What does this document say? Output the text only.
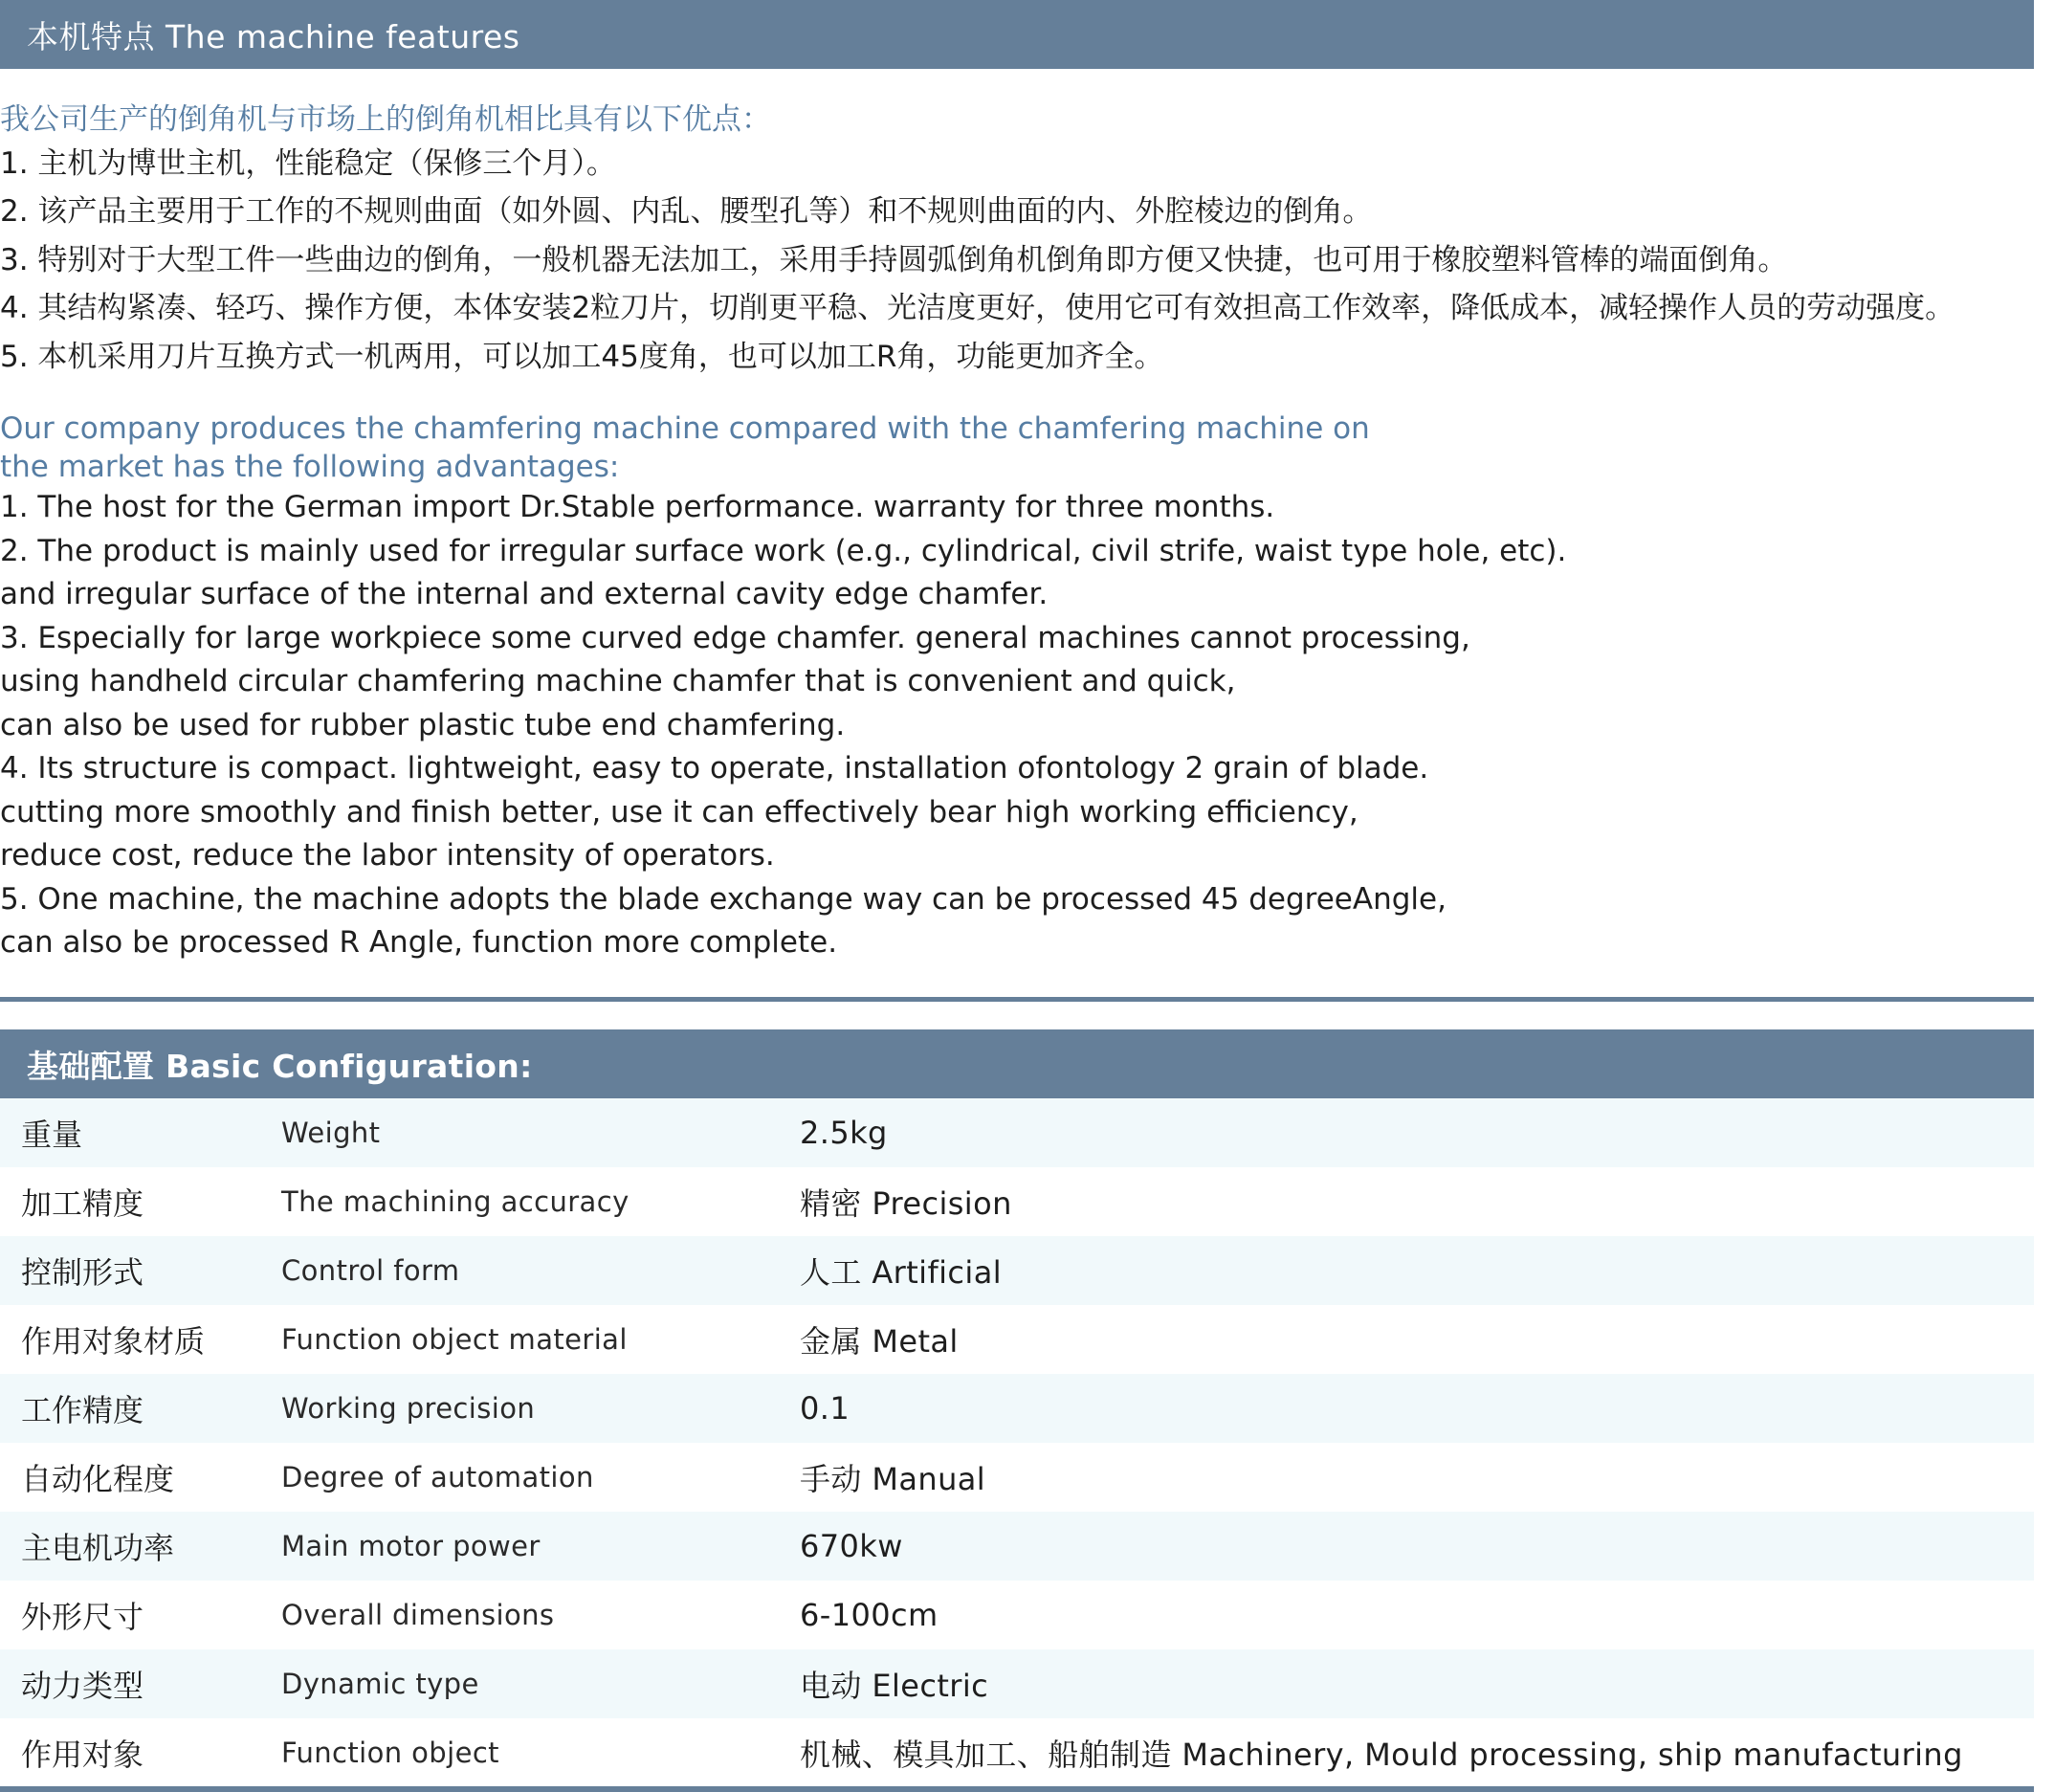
本机特点 The machine features

我公司生产的倒角机与市场上的倒角机相比具有以下优点：

1. 主机为博世主机，性能稳定（保修三个月）。

2. 该产品主要用于工作的不规则曲面（如外圆、内乱、腰型孔等）和不规则曲面的内、外腔棱边的倒角。

3. 特别对于大型工件一些曲边的倒角，一般机器无法加工，采用手持圆弧倒角机倒角即方便又快捷，也可用于橡胶塑料管棒的端面倒角。

4. 其结构紧凑、轻巧、操作方便，本体安装2粒刀片，切削更平稳、光洁度更好，使用它可有效担高工作效率，降低成本，减轻操作人员的劳动强度。

5. 本机采用刀片互换方式一机两用，可以加工45度角，也可以加工R角，功能更加齐全。

Our company produces the chamfering machine compared with the chamfering machine on
the market has the following advantages:

1. The host for the German import Dr.Stable performance. warranty for three months.

2. The product is mainly used for irregular surface work (e.g., cylindrical, civil strife, waist type hole, etc).
and irregular surface of the internal and external cavity edge chamfer.

3. Especially for large workpiece some curved edge chamfer. general machines cannot processing,
using handheld circular chamfering machine chamfer that is convenient and quick,
can also be used for rubber plastic tube end chamfering.

4. Its structure is compact. lightweight, easy to operate, installation ofontology 2 grain of blade.
cutting more smoothly and finish better, use it can effectively bear high working efficiency,
reduce cost, reduce the labor intensity of operators.

5. One machine, the machine adopts the blade exchange way can be processed 45 degreeAngle,
can also be processed R Angle, function more complete.

基础配置 Basic Configuration:
重量	Weight	2.5kg
加工精度	The machining accuracy	精密 Precision
控制形式	Control form	人工 Artificial
作用对象材质	Function object material	金属 Metal
工作精度	Working precision	0.1
自动化程度	Degree of automation	手动 Manual
主电机功率	Main motor power	670kw
外形尺寸	Overall dimensions	6-100cm
动力类型	Dynamic type	电动 Electric
作用对象	Function object	机械、模具加工、船舶制造 Machinery, Mould processing, ship manufacturing
